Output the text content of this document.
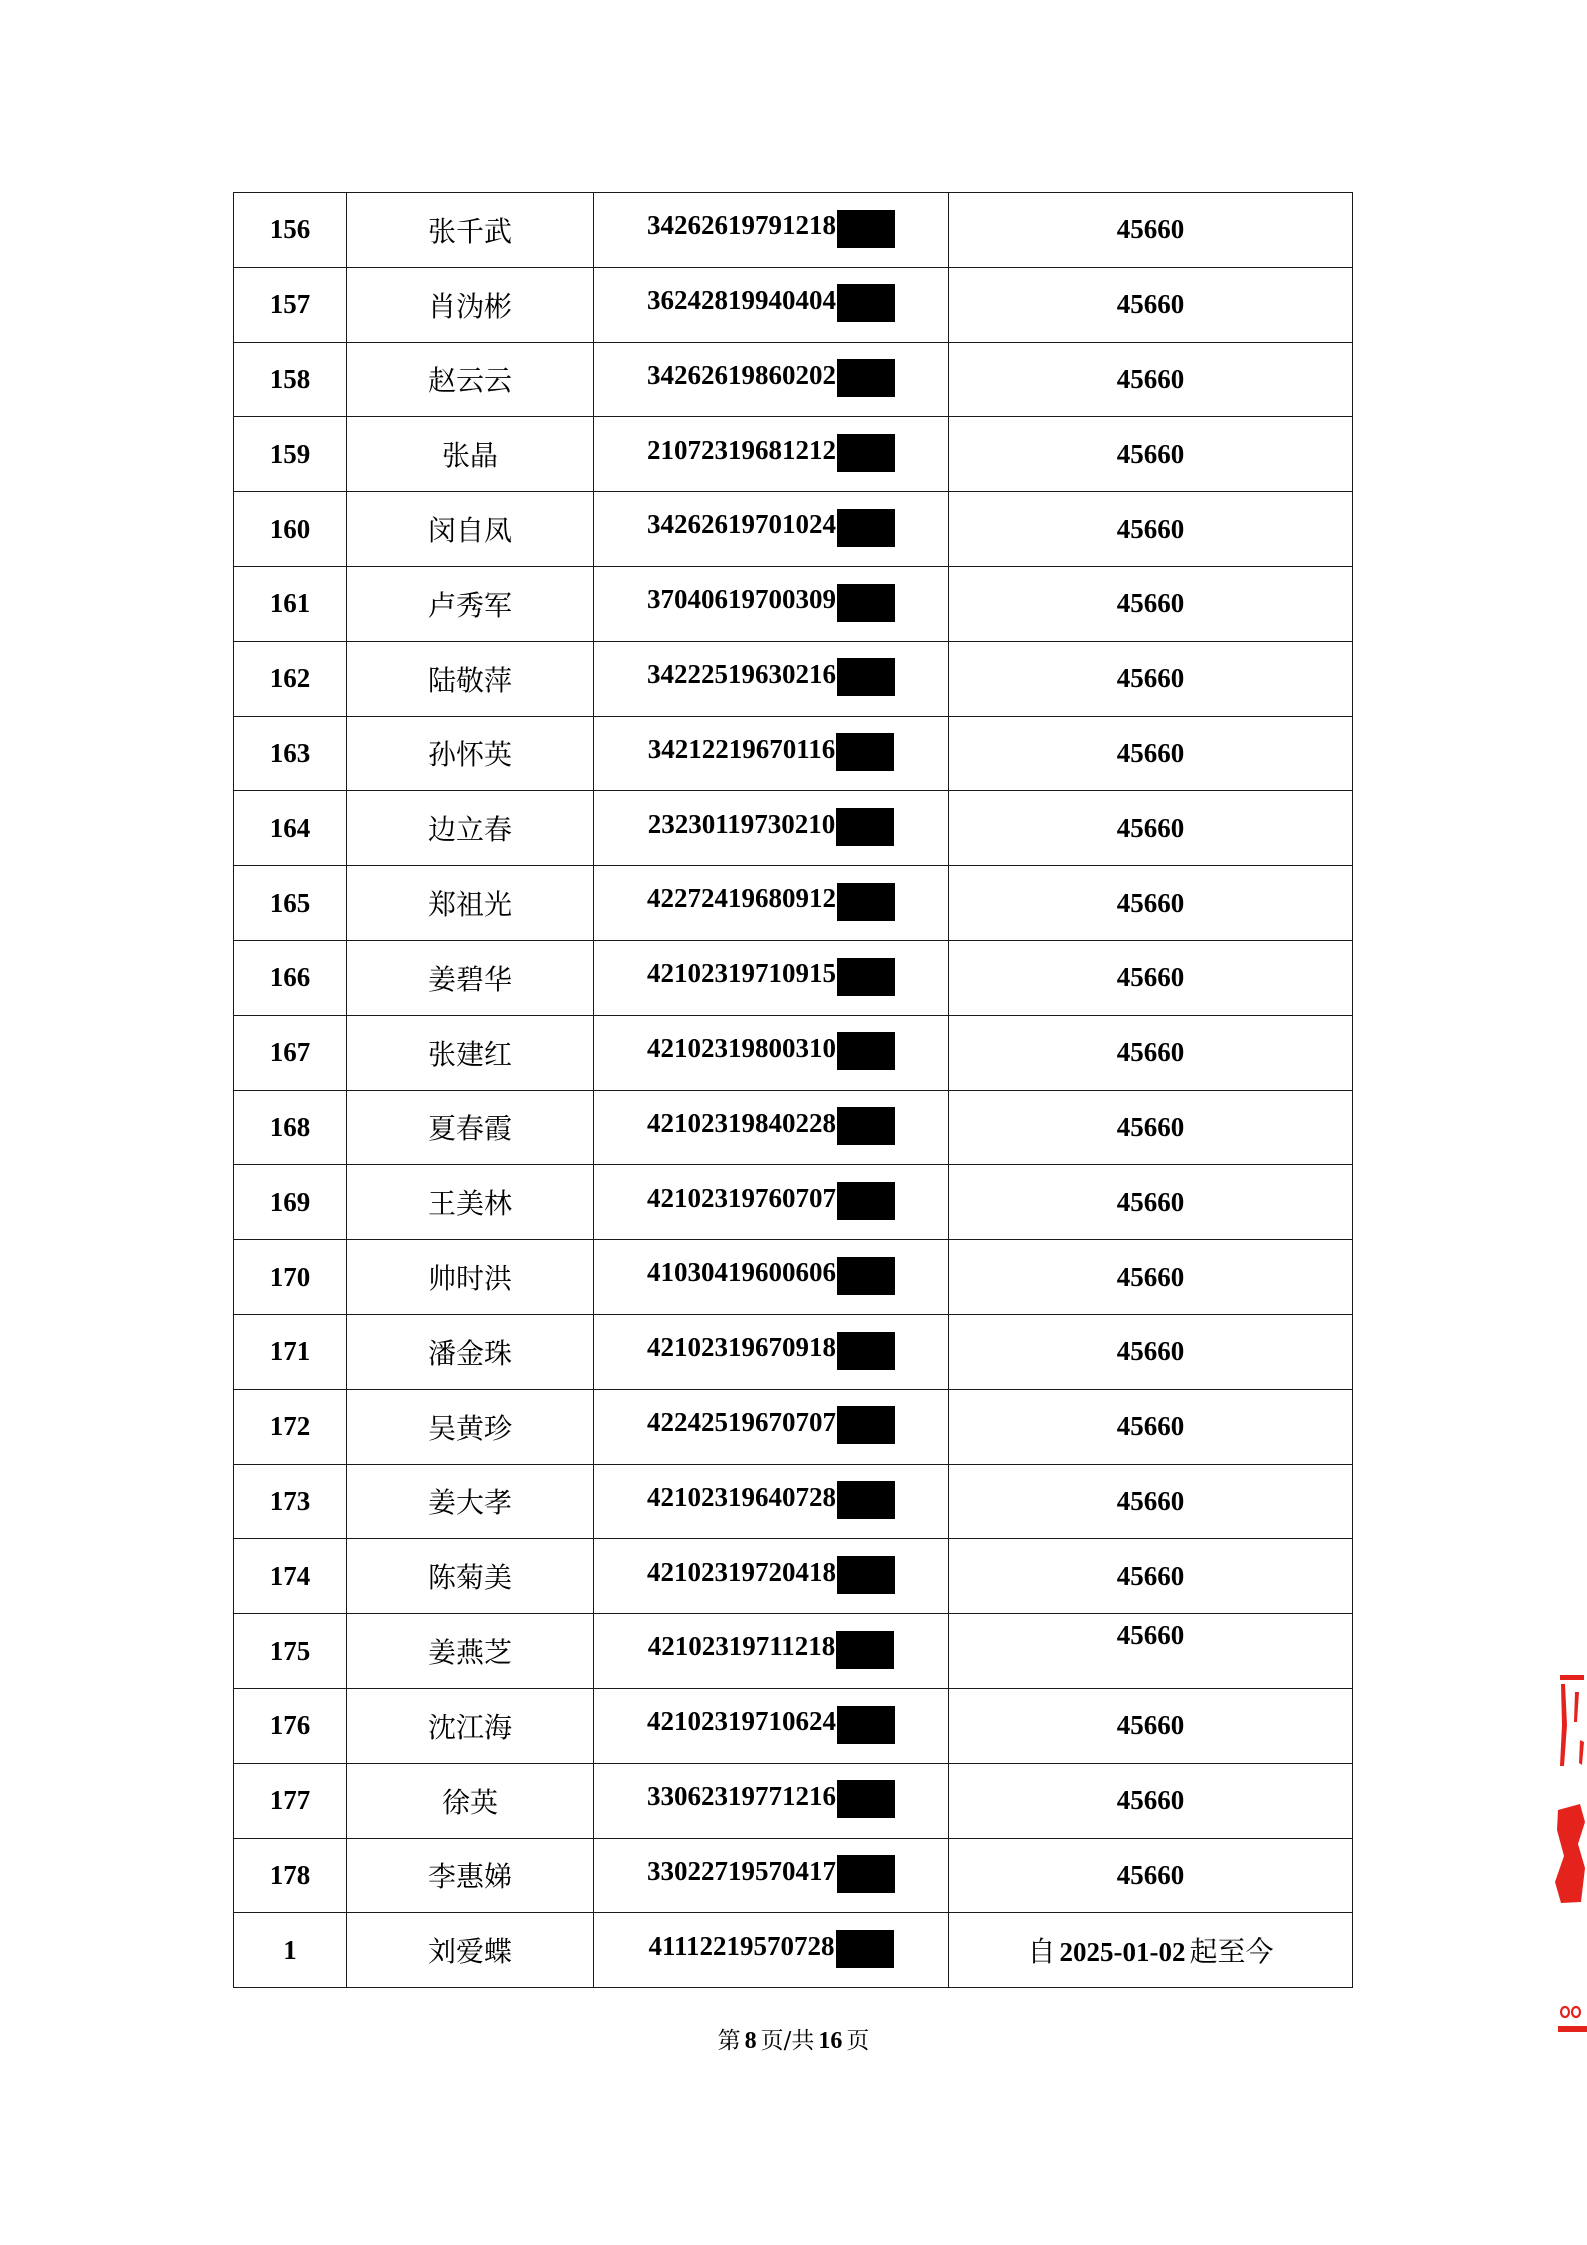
156	张千武	34262619791218	45660
157	肖沩彬	36242819940404	45660
158	赵云云	34262619860202	45660
159	张晶	21072319681212	45660
160	闵自凤	34262619701024	45660
161	卢秀军	37040619700309	45660
162	陆敬萍	34222519630216	45660
163	孙怀英	34212219670116	45660
164	边立春	23230119730210	45660
165	郑祖光	42272419680912	45660
166	姜碧华	42102319710915	45660
167	张建红	42102319800310	45660
168	夏春霞	42102319840228	45660
169	王美林	42102319760707	45660
170	帅时洪	41030419600606	45660
171	潘金珠	42102319670918	45660
172	吴黄珍	42242519670707	45660
173	姜大孝	42102319640728	45660
174	陈菊美	42102319720418	45660
175	姜燕芝	42102319711218	45660
176	沈江海	42102319710624	45660
177	徐英	33062319771216	45660
178	李惠娣	33022719570417	45660
1	刘爱蝶	41112219570728	自 2025-01-02 起至今
第 8 页/共 16 页
